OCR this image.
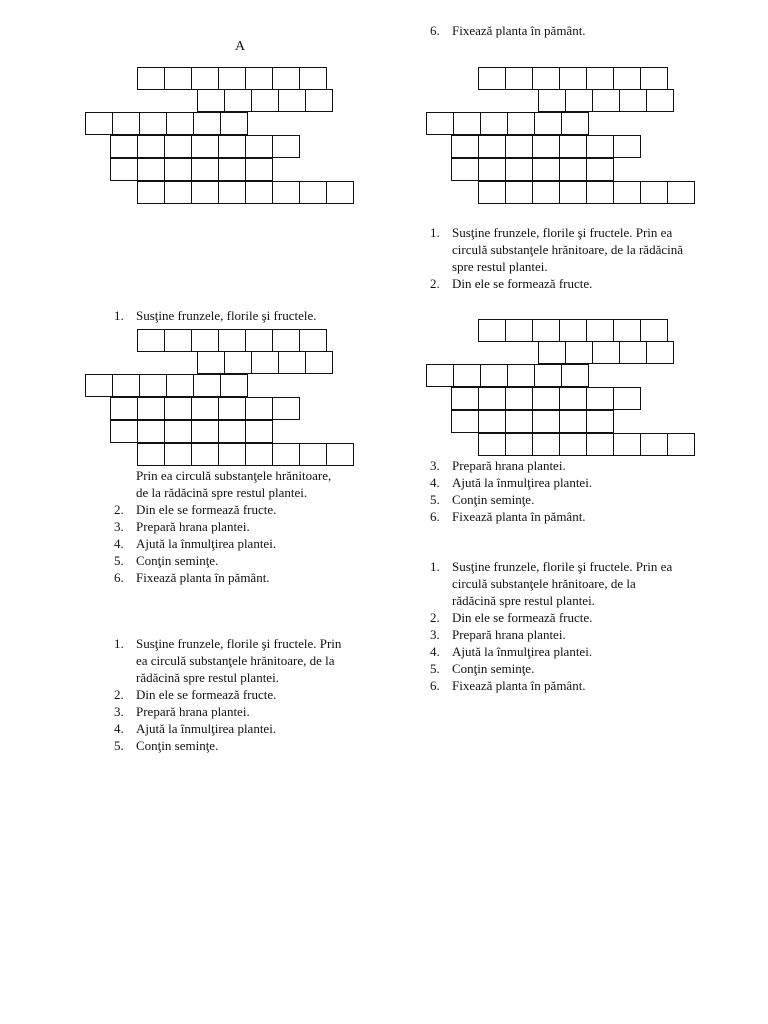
A
6. Fixează planta în pământ.
1. Susţine frunzele, florile şi fructele. Prin ea circulă substanţele hrănitoare, de la rădăcină spre restul plantei.
2. Din ele se formează fructe.
1. Susţine frunzele, florile şi fructele.
3. Prepară hrana plantei.
4. Ajută la înmulţirea plantei.
5. Conţin seminţe.
6. Fixează planta în pământ.
Prin ea circulă substanţele hrănitoare, de la rădăcină spre restul plantei.
2. Din ele se formează fructe.
3. Prepară hrana plantei.
4. Ajută la înmulţirea plantei.
5. Conţin seminţe.
6. Fixează planta în pământ.
1. Susţine frunzele, florile şi fructele. Prin ea circulă substanţele hrănitoare, de la rădăcină spre restul plantei.
2. Din ele se formează fructe.
3. Prepară hrana plantei.
4. Ajută la înmulţirea plantei.
5. Conţin seminţe.
6. Fixează planta în pământ.
1. Susţine frunzele, florile şi fructele. Prin ea circulă substanţele hrănitoare, de la rădăcină spre restul plantei.
2. Din ele se formează fructe.
3. Prepară hrana plantei.
4. Ajută la înmulţirea plantei.
5. Conţin seminţe.
